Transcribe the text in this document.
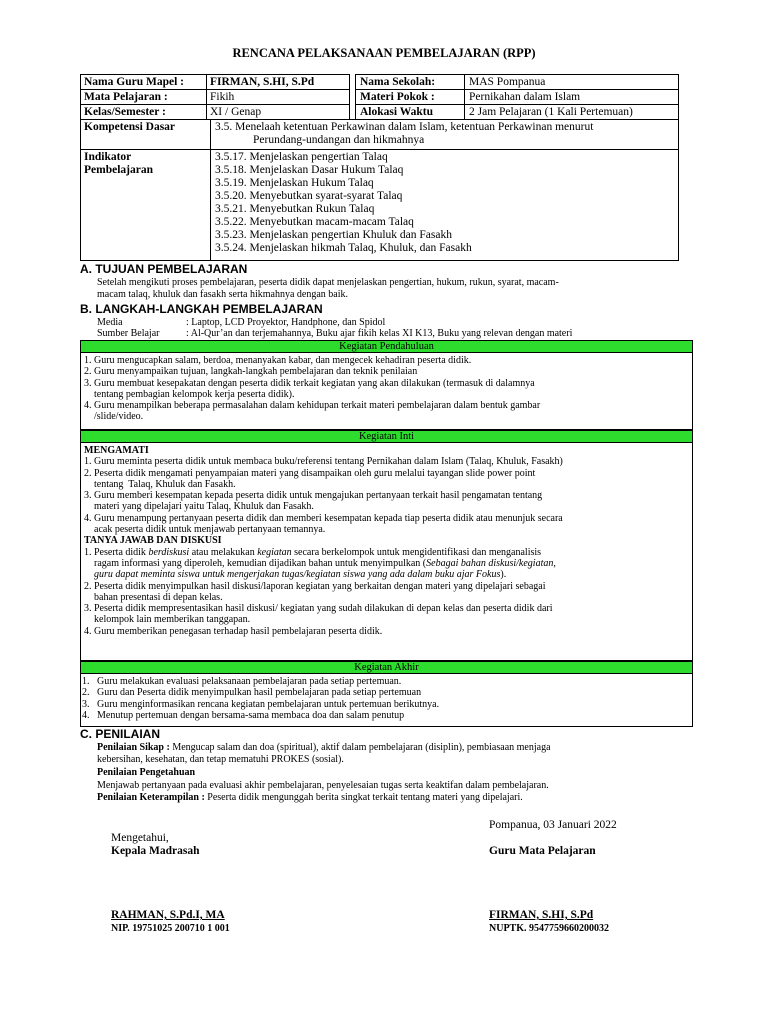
RENCANA PELAKSANAAN PEMBELAJARAN (RPP)
Nama Guru Mapel : FIRMAN, S.HI, S.Pd	Nama Sekolah:	MAS Pompanua
Mata Pelajaran :	Fikih	Materi Pokok :	Pernikahan dalam Islam
Kelas/Semester :	XI / Genap	Alokasi Waktu	2 Jam Pelajaran (1 Kali Pertemuan)
Kompetensi Dasar	3.5. Menelaah ketentuan Perkawinan dalam Islam, ketentuan Perkawinan menurut
Perundang-undangan dan hikmahnya
Indikator
Pembelajaran
3.5.17. Menjelaskan pengertian Talaq
3.5.18. Menjelaskan Dasar Hukum Talaq
3.5.19. Menjelaskan Hukum Talaq
3.5.20. Menyebutkan syarat-syarat Talaq
3.5.21. Menyebutkan Rukun Talaq
3.5.22. Menyebutkan macam-macam Talaq
3.5.23. Menjelaskan pengertian Khuluk dan Fasakh
3.5.24. Menjelaskan hikmah Talaq, Khuluk, dan Fasakh
A. TUJUAN PEMBELAJARAN
Setelah mengikuti proses pembelajaran, peserta didik dapat menjelaskan pengertian, hukum, rukun, syarat, macam-
macam talaq, khuluk dan fasakh serta hikmahnya dengan baik.
B. LANGKAH-LANGKAH PEMBELAJARAN
Media	: Laptop, LCD Proyektor, Handphone, dan Spidol
Sumber Belajar	: Al-Qur’an dan terjemahannya, Buku ajar fikih kelas XI K13, Buku yang relevan dengan materi
Kegiatan Pendahuluan
1. Guru mengucapkan salam, berdoa, menanyakan kabar, dan mengecek kehadiran peserta didik.
2. Guru menyampaikan tujuan, langkah-langkah pembelajaran dan teknik penilaian
3. Guru membuat kesepakatan dengan peserta didik terkait kegiatan yang akan dilakukan (termasuk di dalamnya
tentang pembagian kelompok kerja peserta didik).
4. Guru menampilkan beberapa permasalahan dalam kehidupan terkait materi pembelajaran dalam bentuk gambar
/slide/video.
Kegiatan Inti
MENGAMATI
1. Guru meminta peserta didik untuk membaca buku/referensi tentang Pernikahan dalam Islam (Talaq, Khuluk, Fasakh)
2. Peserta didik mengamati penyampaian materi yang disampaikan oleh guru melalui tayangan slide power point
tentang  Talaq, Khuluk dan Fasakh.
3. Guru memberi kesempatan kepada peserta didik untuk mengajukan pertanyaan terkait hasil pengamatan tentang
materi yang dipelajari yaitu Talaq, Khuluk dan Fasakh.
4. Guru menampung pertanyaan peserta didik dan memberi kesempatan kepada tiap peserta didik atau menunjuk secara
acak peserta didik untuk menjawab pertanyaan temannya.
TANYA JAWAB DAN DISKUSI
1. Peserta didik berdiskusi atau melakukan kegiatan secara berkelompok untuk mengidentifikasi dan menganalisis
ragam informasi yang diperoleh, kemudian dijadikan bahan untuk menyimpulkan (Sebagai bahan diskusi/kegiatan,
guru dapat meminta siswa untuk mengerjakan tugas/kegiatan siswa yang ada dalam buku ajar Fokus).
2. Peserta didik menyimpulkan hasil diskusi/laporan kegiatan yang berkaitan dengan materi yang dipelajari sebagai
bahan presentasi di depan kelas.
3. Peserta didik mempresentasikan hasil diskusi/ kegiatan yang sudah dilakukan di depan kelas dan peserta didik dari
kelompok lain memberikan tanggapan.
4. Guru memberikan penegasan terhadap hasil pembelajaran peserta didik.
Kegiatan Akhir
1.   Guru melakukan evaluasi pelaksanaan pembelajaran pada setiap pertemuan.
2.   Guru dan Peserta didik menyimpulkan hasil pembelajaran pada setiap pertemuan
3.   Guru menginformasikan rencana kegiatan pembelajaran untuk pertemuan berikutnya.
4.   Menutup pertemuan dengan bersama-sama membaca doa dan salam penutup
C. PENILAIAN
Penilaian Sikap : Mengucap salam dan doa (spiritual), aktif dalam pembelajaran (disiplin), pembiasaan menjaga
kebersihan, kesehatan, dan tetap mematuhi PROKES (sosial).
Penilaian Pengetahuan
Menjawab pertanyaan pada evaluasi akhir pembelajaran, penyelesaian tugas serta keaktifan dalam pembelajaran.
Penilaian Keterampilan : Peserta didik mengunggah berita singkat terkait tentang materi yang dipelajari.
Pompanua, 03 Januari 2022
Mengetahui,
Kepala Madrasah	Guru Mata Pelajaran
RAHMAN, S.Pd.I, MA
NIP. 19751025 200710 1 001
FIRMAN, S.HI, S.Pd
NUPTK. 9547759660200032
